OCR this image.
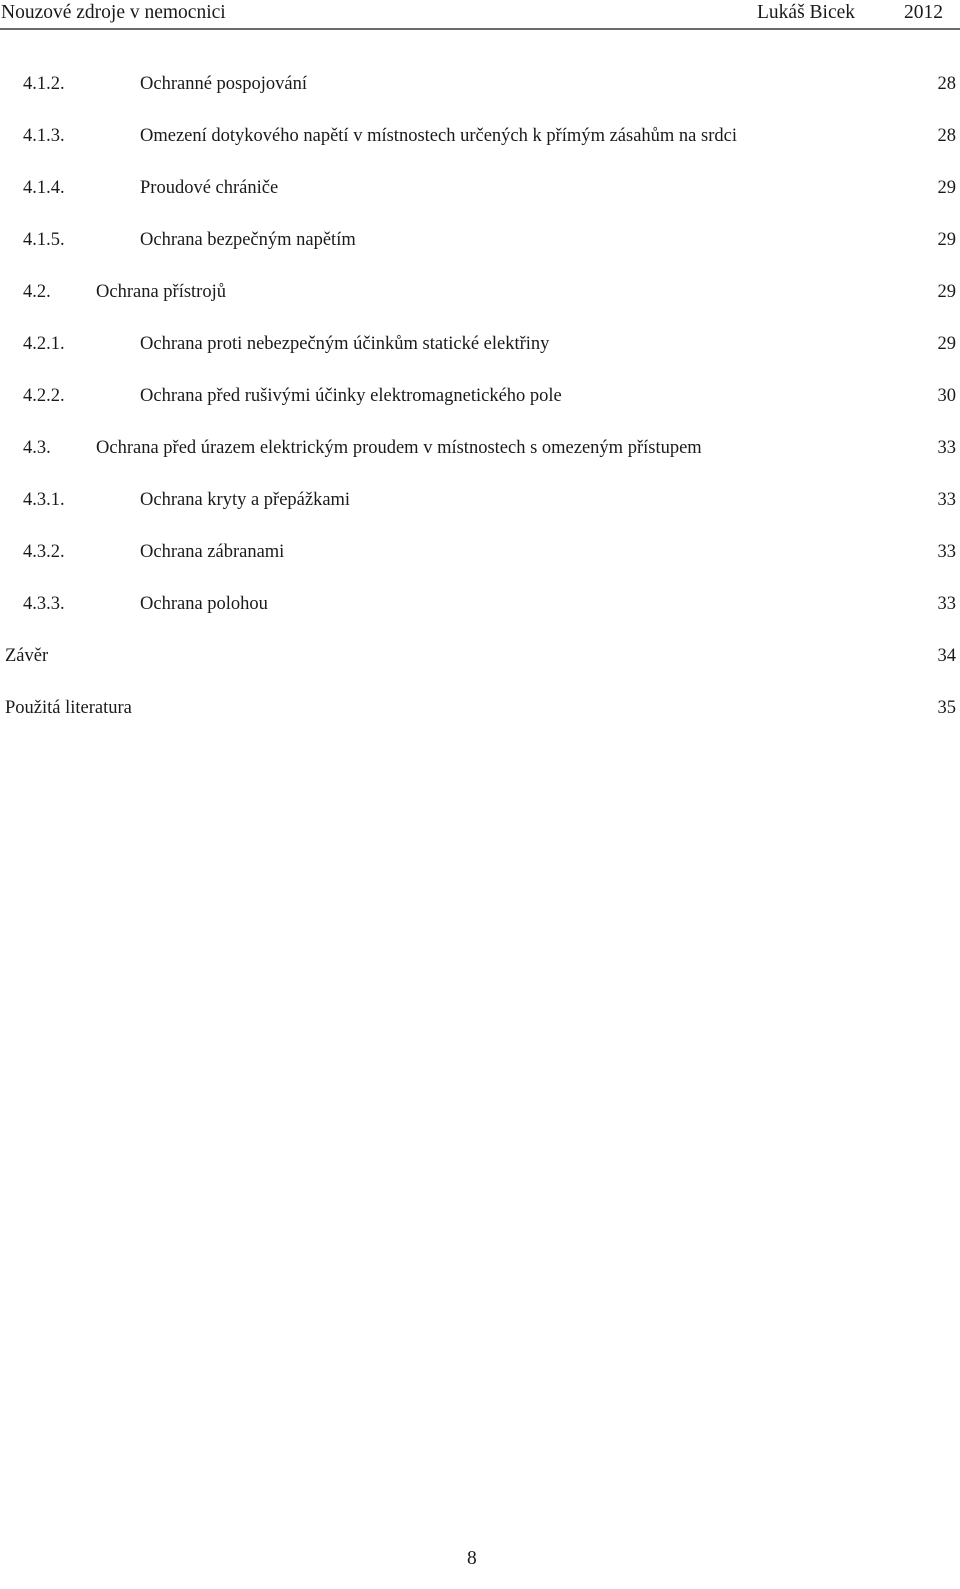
Nouzové zdroje v nemocnici	Lukáš Bicek	2012
4.1.2.	Ochranné pospojování	28
4.1.3.	Omezení dotykového napětí v místnostech určených k přímým zásahům na srdci	28
4.1.4.	Proudové chrániče	29
4.1.5.	Ochrana bezpečným napětím	29
4.2.	Ochrana přístrojů	29
4.2.1.	Ochrana proti nebezpečným účinkům statické elektřiny	29
4.2.2.	Ochrana před rušivými účinky elektromagnetického pole	30
4.3.	Ochrana před úrazem elektrickým proudem v místnostech s omezeným přístupem	33
4.3.1.	Ochrana kryty a přepážkami	33
4.3.2.	Ochrana zábranami	33
4.3.3.	Ochrana polohou	33
Závěr	34
Použitá literatura	35
8
